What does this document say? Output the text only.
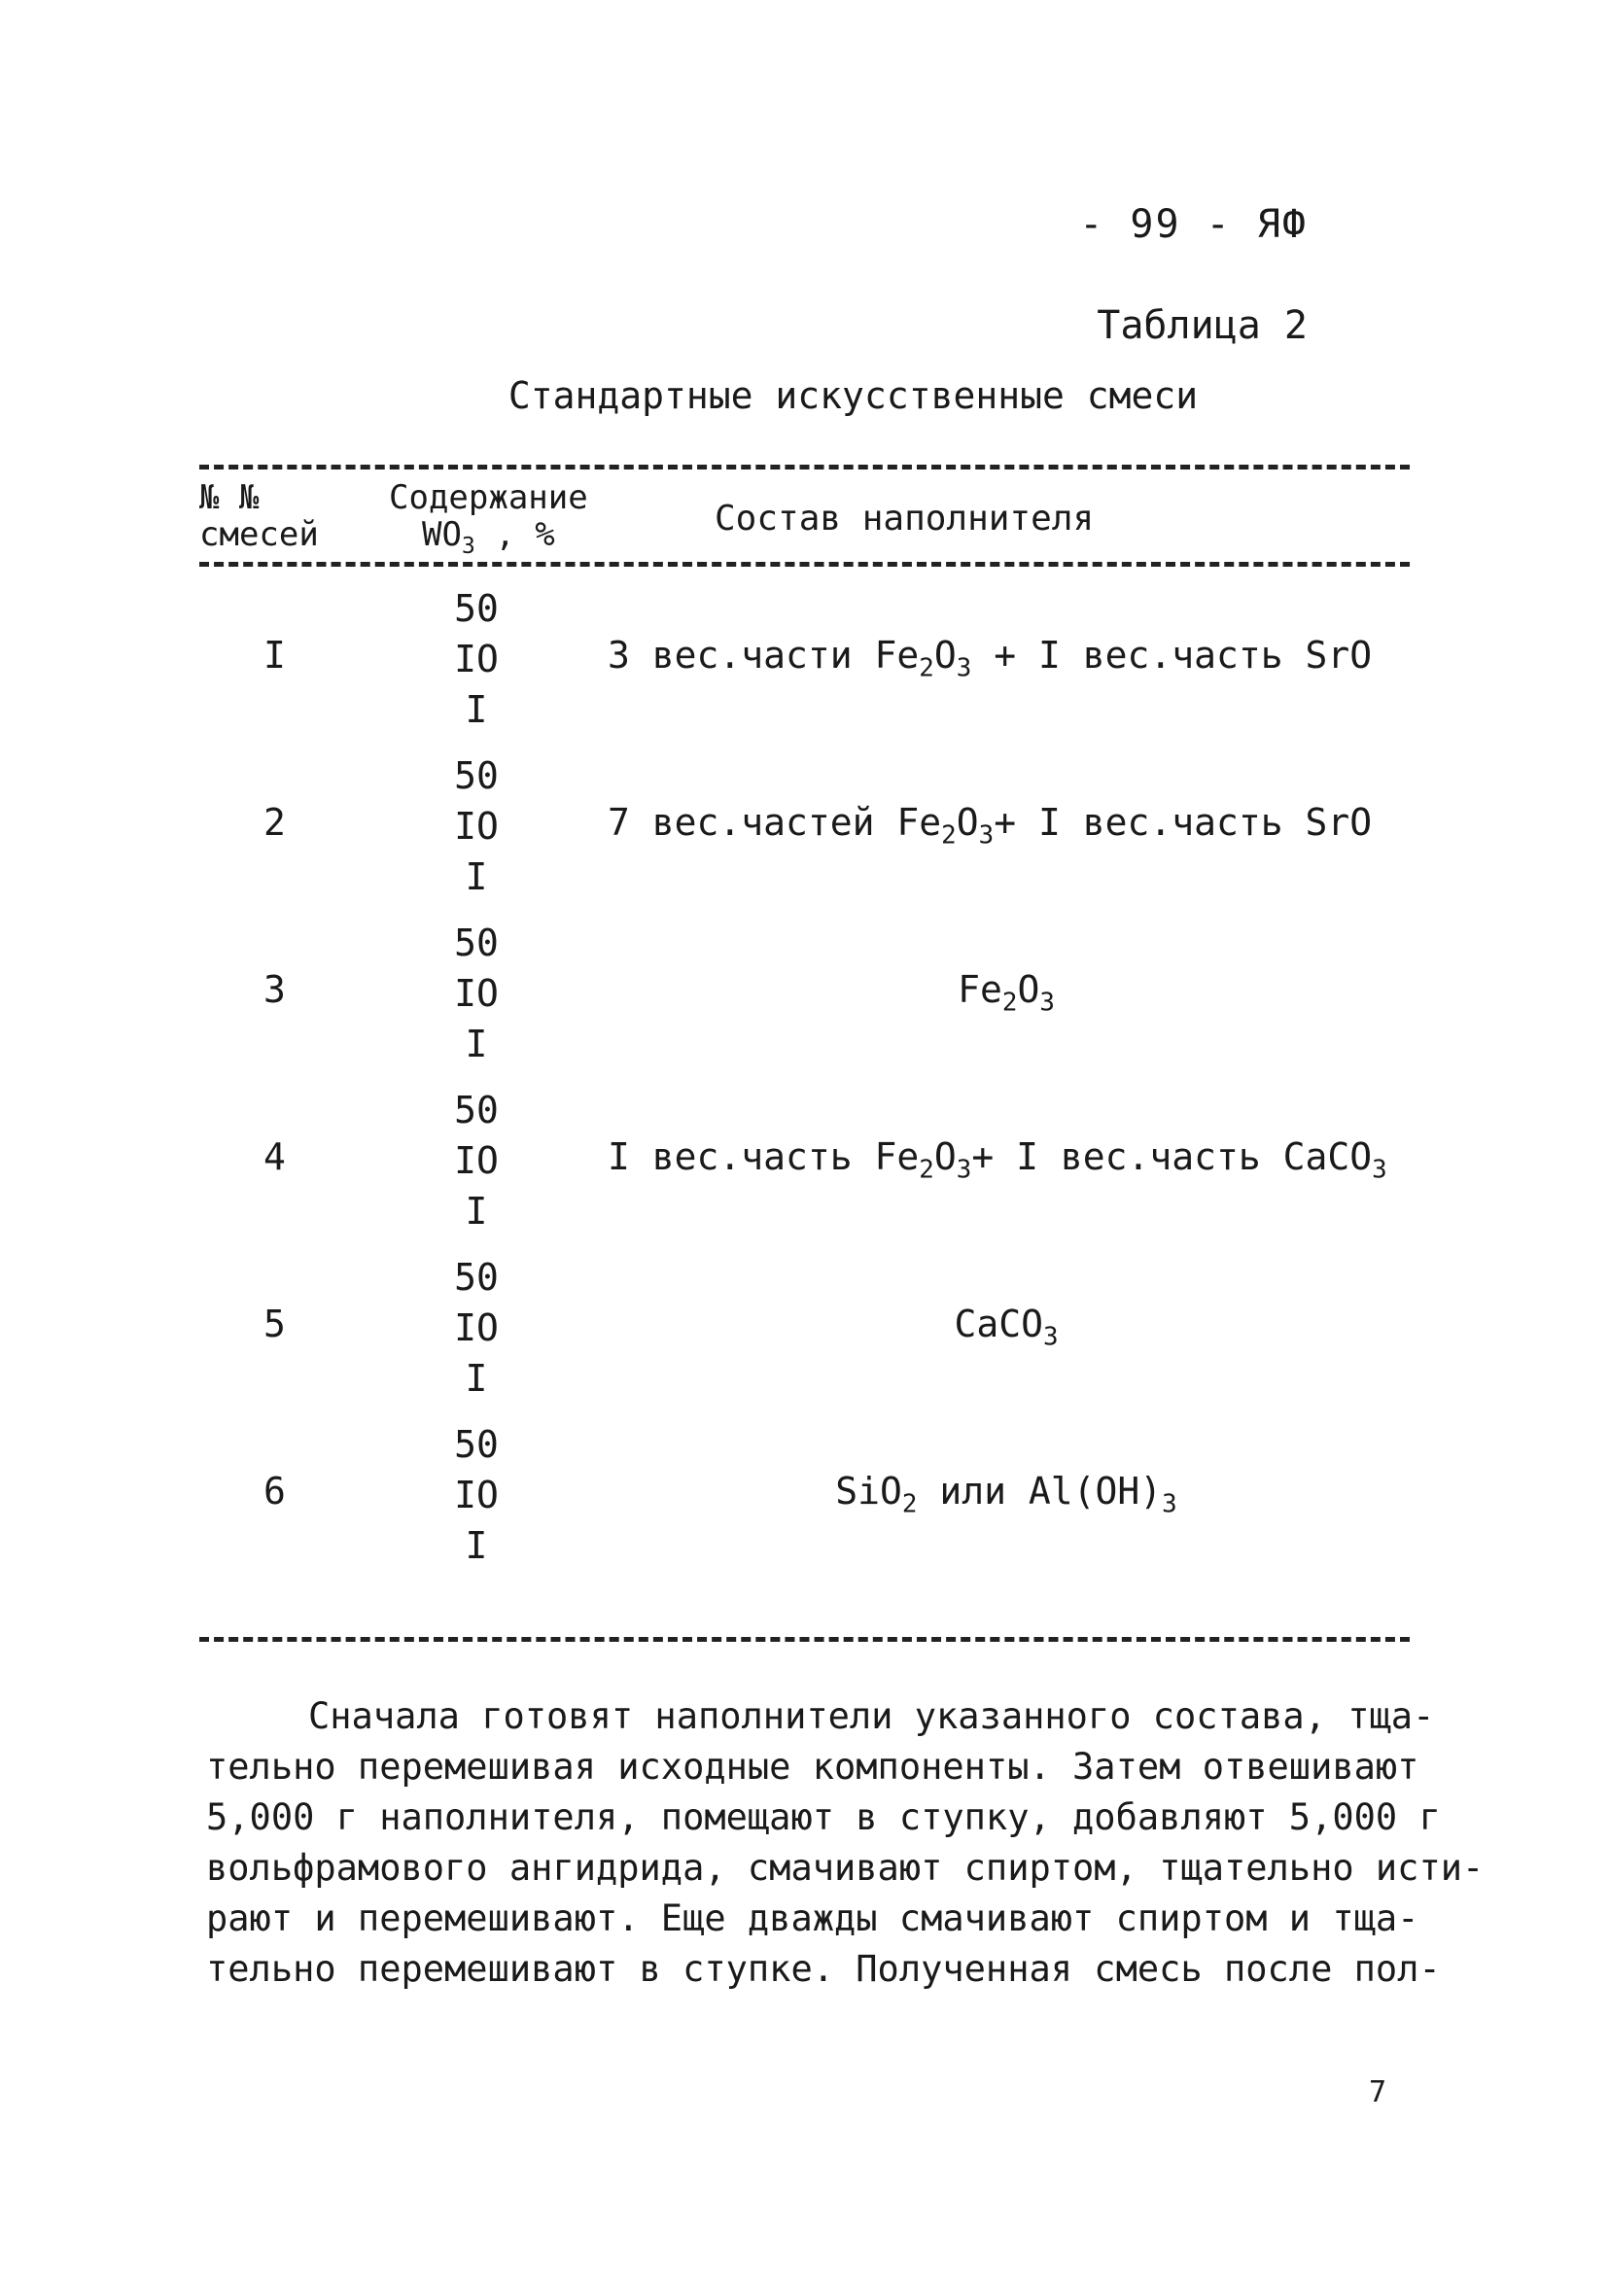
- 99 - ЯФ
Таблица 2
Стандартные искусственные смеси
№ №
смесей
Содержание
$WO_3$ , %	Состав наполнителя
I
50
IO
I
3 вес.части $Fe_2O_3 + I$ вес.часть SrO
2
50
IO
I
7 вес.частей $Fe_2O_3+ I$ вес.часть SrO
3
50
IO
I
$Fe_2O_3$
4
50
IO
I
I вес.часть $Fe_2O_3+ I$ вес.часть CaCO$_3$
5
50
IO
I
CaCO$_3$
6
50
IO
I
SiO$_2$ или $Al(OH)_3$
Сначала готовят наполнители указанного состава, тща-
тельно перемешивая исходные компоненты. Затем отвешивают
5,000 г наполнителя, помещают в ступку, добавляют 5,000 г
вольфрамового ангидрида, смачивают спиртом, тщательно исти-
рают и перемешивают. Еще дважды смачивают спиртом и тща-
тельно перемешивают в ступке. Полученная смесь после пол-
7
